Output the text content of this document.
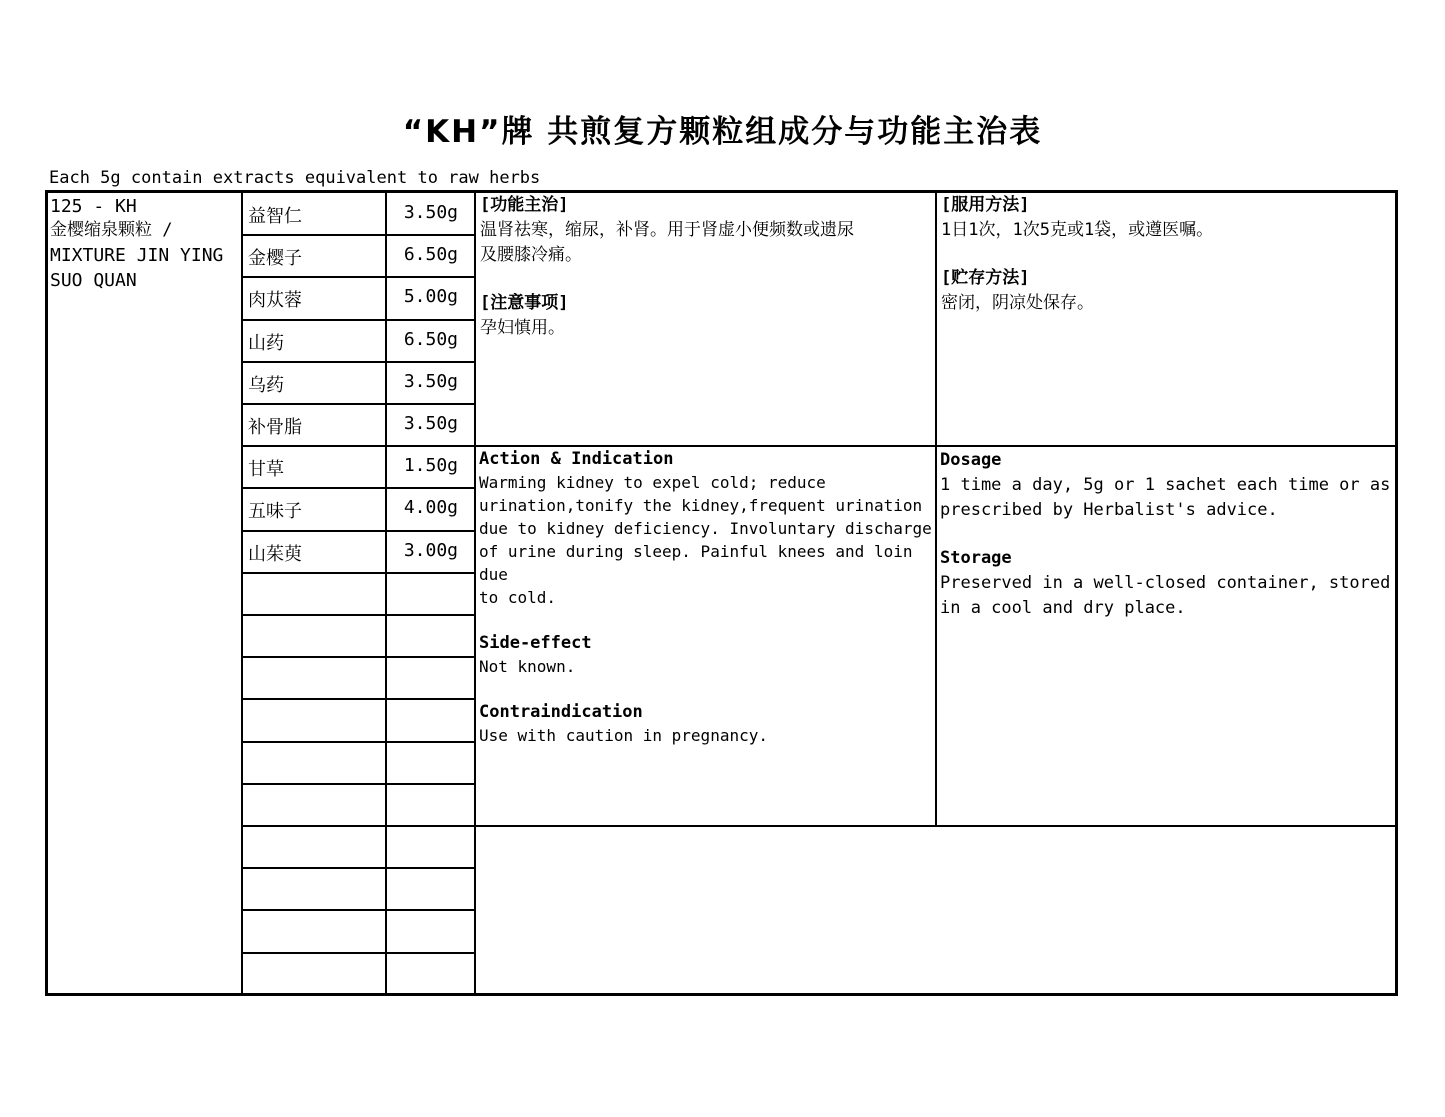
“KH”牌 共煎复方颗粒组成分与功能主治表
Each 5g contain extracts equivalent to raw herbs
125 - KH
金樱缩泉颗粒 /
MIXTURE JIN YING
SUO QUAN
益智仁	3.50g
金樱子	6.50g
肉苁蓉	5.00g
山药	6.50g
乌药	3.50g
补骨脂	3.50g
甘草	1.50g
五味子	4.00g
山茱萸	3.00g
[功能主治]
温肾祛寒，缩尿，补肾。用于肾虚小便频数或遗尿
及腰膝冷痛。
[注意事项]
孕妇慎用。
[服用方法]
1日1次，1次5克或1袋，或遵医嘱。
[贮存方法]
密闭，阴凉处保存。
Action & Indication
Warming kidney to expel cold; reduce
urination,tonify the kidney,frequent urination
due to kidney deficiency. Involuntary discharge
of urine during sleep. Painful knees and loin due
to cold.
Side-effect
Not known.
Contraindication
Use with caution in pregnancy.
Dosage
1 time a day, 5g or 1 sachet each time or as
prescribed by Herbalist's advice.
Storage
Preserved in a well-closed container, stored
in a cool and dry place.
